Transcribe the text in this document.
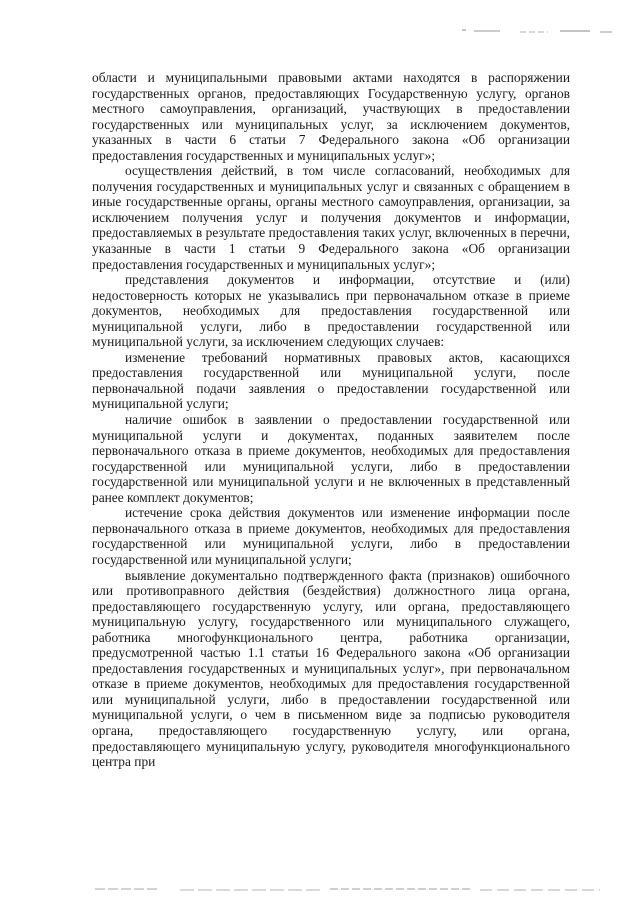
области и муниципальными правовыми актами находятся в распоряжении государственных органов, предоставляющих Государственную услугу, органов местного самоуправления, организаций, участвующих в предоставлении государственных или муниципальных услуг, за исключением документов, указанных в части 6 статьи 7 Федерального закона «Об организации предоставления государственных и муниципальных услуг»;

осуществления действий, в том числе согласований, необходимых для получения государственных и муниципальных услуг и связанных с обращением в иные государственные органы, органы местного самоуправления, организации, за исключением получения услуг и получения документов и информации, предоставляемых в результате предоставления таких услуг, включенных в перечни, указанные в части 1 статьи 9 Федерального закона «Об организации предоставления государственных и муниципальных услуг»;

представления документов и информации, отсутствие и (или) недостоверность которых не указывались при первоначальном отказе в приеме документов, необходимых для предоставления государственной или муниципальной услуги, либо в предоставлении государственной или муниципальной услуги, за исключением следующих случаев:

изменение требований нормативных правовых актов, касающихся предоставления государственной или муниципальной услуги, после первоначальной подачи заявления о предоставлении государственной или муниципальной услуги;

наличие ошибок в заявлении о предоставлении государственной или муниципальной услуги и документах, поданных заявителем после первоначального отказа в приеме документов, необходимых для предоставления государственной или муниципальной услуги, либо в предоставлении государственной или муниципальной услуги и не включенных в представленный ранее комплект документов;

истечение срока действия документов или изменение информации после первоначального отказа в приеме документов, необходимых для предоставления государственной или муниципальной услуги, либо в предоставлении государственной или муниципальной услуги;

выявление документально подтвержденного факта (признаков) ошибочного или противоправного действия (бездействия) должностного лица органа, предоставляющего государственную услугу, или органа, предоставляющего муниципальную услугу, государственного или муниципального служащего, работника многофункционального центра, работника организации, предусмотренной частью 1.1 статьи 16 Федерального закона «Об организации предоставления государственных и муниципальных услуг», при первоначальном отказе в приеме документов, необходимых для предоставления государственной или муниципальной услуги, либо в предоставлении государственной или муниципальной услуги, о чем в письменном виде за подписью руководителя органа, предоставляющего государственную услугу, или органа, предоставляющего муниципальную услугу, руководителя многофункционального центра при
